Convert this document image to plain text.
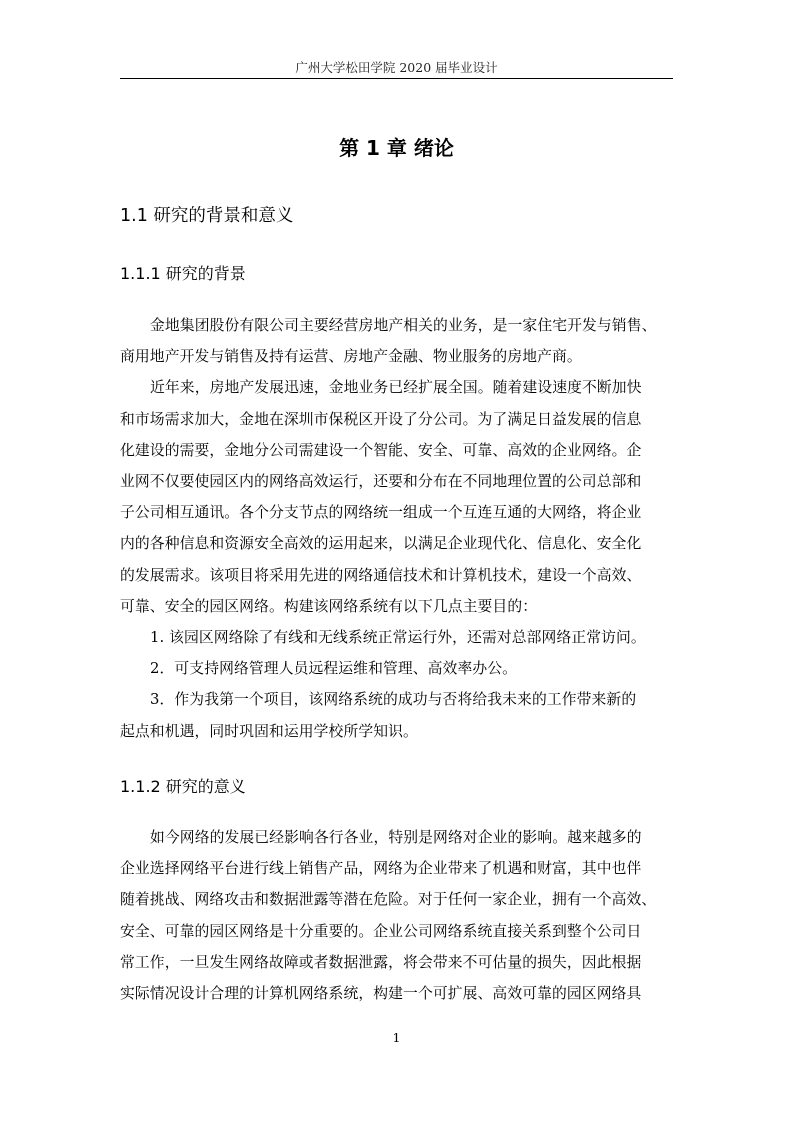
广州大学松田学院 2020 届毕业设计
第 1 章 绪论
1.1 研究的背景和意义
1.1.1 研究的背景
金地集团股份有限公司主要经营房地产相关的业务，是一家住宅开发与销售、
商用地产开发与销售及持有运营、房地产金融、物业服务的房地产商。
近年来，房地产发展迅速，金地业务已经扩展全国。随着建设速度不断加快
和市场需求加大，金地在深圳市保税区开设了分公司。为了满足日益发展的信息
化建设的需要，金地分公司需建设一个智能、安全、可靠、高效的企业网络。企
业网不仅要使园区内的网络高效运行，还要和分布在不同地理位置的公司总部和
子公司相互通讯。各个分支节点的网络统一组成一个互连互通的大网络，将企业
内的各种信息和资源安全高效的运用起来，以满足企业现代化、信息化、安全化
的发展需求。该项目将采用先进的网络通信技术和计算机技术，建设一个高效、
可靠、安全的园区网络。构建该网络系统有以下几点主要目的：
1. 该园区网络除了有线和无线系统正常运行外，还需对总部网络正常访问。
2．可支持网络管理人员远程运维和管理、高效率办公。
3．作为我第一个项目，该网络系统的成功与否将给我未来的工作带来新的
起点和机遇，同时巩固和运用学校所学知识。
1.1.2 研究的意义
如今网络的发展已经影响各行各业，特别是网络对企业的影响。越来越多的
企业选择网络平台进行线上销售产品，网络为企业带来了机遇和财富，其中也伴
随着挑战、网络攻击和数据泄露等潜在危险。对于任何一家企业，拥有一个高效、
安全、可靠的园区网络是十分重要的。企业公司网络系统直接关系到整个公司日
常工作，一旦发生网络故障或者数据泄露，将会带来不可估量的损失，因此根据
实际情况设计合理的计算机网络系统，构建一个可扩展、高效可靠的园区网络具
1
